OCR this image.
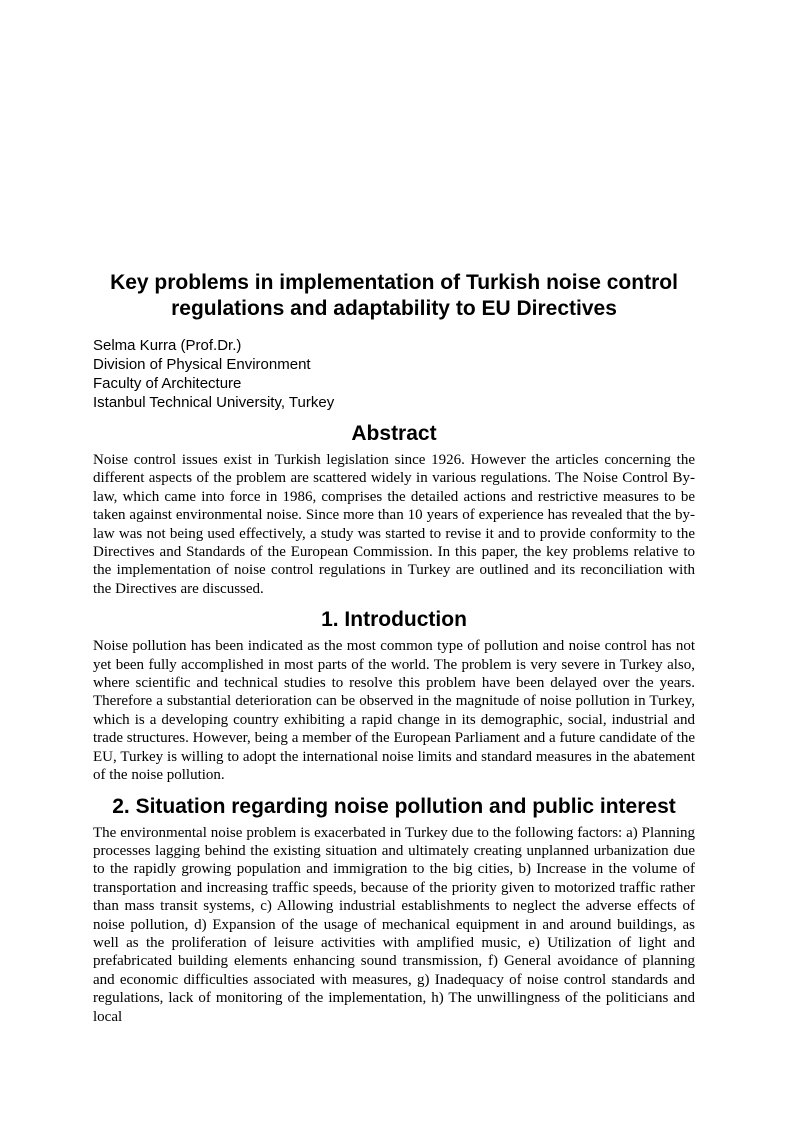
Key problems in implementation of Turkish noise control regulations and adaptability to EU Directives
Selma Kurra (Prof.Dr.)
Division of Physical Environment
Faculty of Architecture
Istanbul Technical University, Turkey
Abstract

Noise control issues exist in Turkish legislation since 1926. However the articles concerning the different aspects of the problem are scattered widely in various regulations. The Noise Control By-law, which came into force in 1986, comprises the detailed actions and restrictive measures to be taken against environmental noise. Since more than 10 years of experience has revealed that the by-law was not being used effectively, a study was started to revise it and to provide conformity to the Directives and Standards of the European Commission. In this paper, the key problems relative to the implementation of noise control regulations in Turkey are outlined and its reconciliation with the Directives are discussed.

1. Introduction

Noise pollution has been indicated as the most common type of pollution and noise control has not yet been fully accomplished in most parts of the world. The problem is very severe in Turkey also, where scientific and technical studies to resolve this problem have been delayed over the years. Therefore a substantial deterioration can be observed in the magnitude of noise pollution in Turkey, which is a developing country exhibiting a rapid change in its demographic, social, industrial and trade structures. However, being a member of the European Parliament and a future candidate of the EU, Turkey is willing to adopt the international noise limits and standard measures in the abatement of the noise pollution.

2. Situation regarding noise pollution and public interest

The environmental noise problem is exacerbated in Turkey due to the following factors: a) Planning processes lagging behind the existing situation and ultimately creating unplanned urbanization due to the rapidly growing population and immigration to the big cities, b) Increase in the volume of transportation and increasing traffic speeds, because of the priority given to motorized traffic rather than mass transit systems, c) Allowing industrial establishments to neglect the adverse effects of noise pollution, d) Expansion of the usage of mechanical equipment in and around buildings, as well as the proliferation of leisure activities with amplified music, e) Utilization of light and prefabricated building elements enhancing sound transmission, f) General avoidance of planning and economic difficulties associated with measures, g) Inadequacy of noise control standards and regulations, lack of monitoring of the implementation, h) The unwillingness of the politicians and local
